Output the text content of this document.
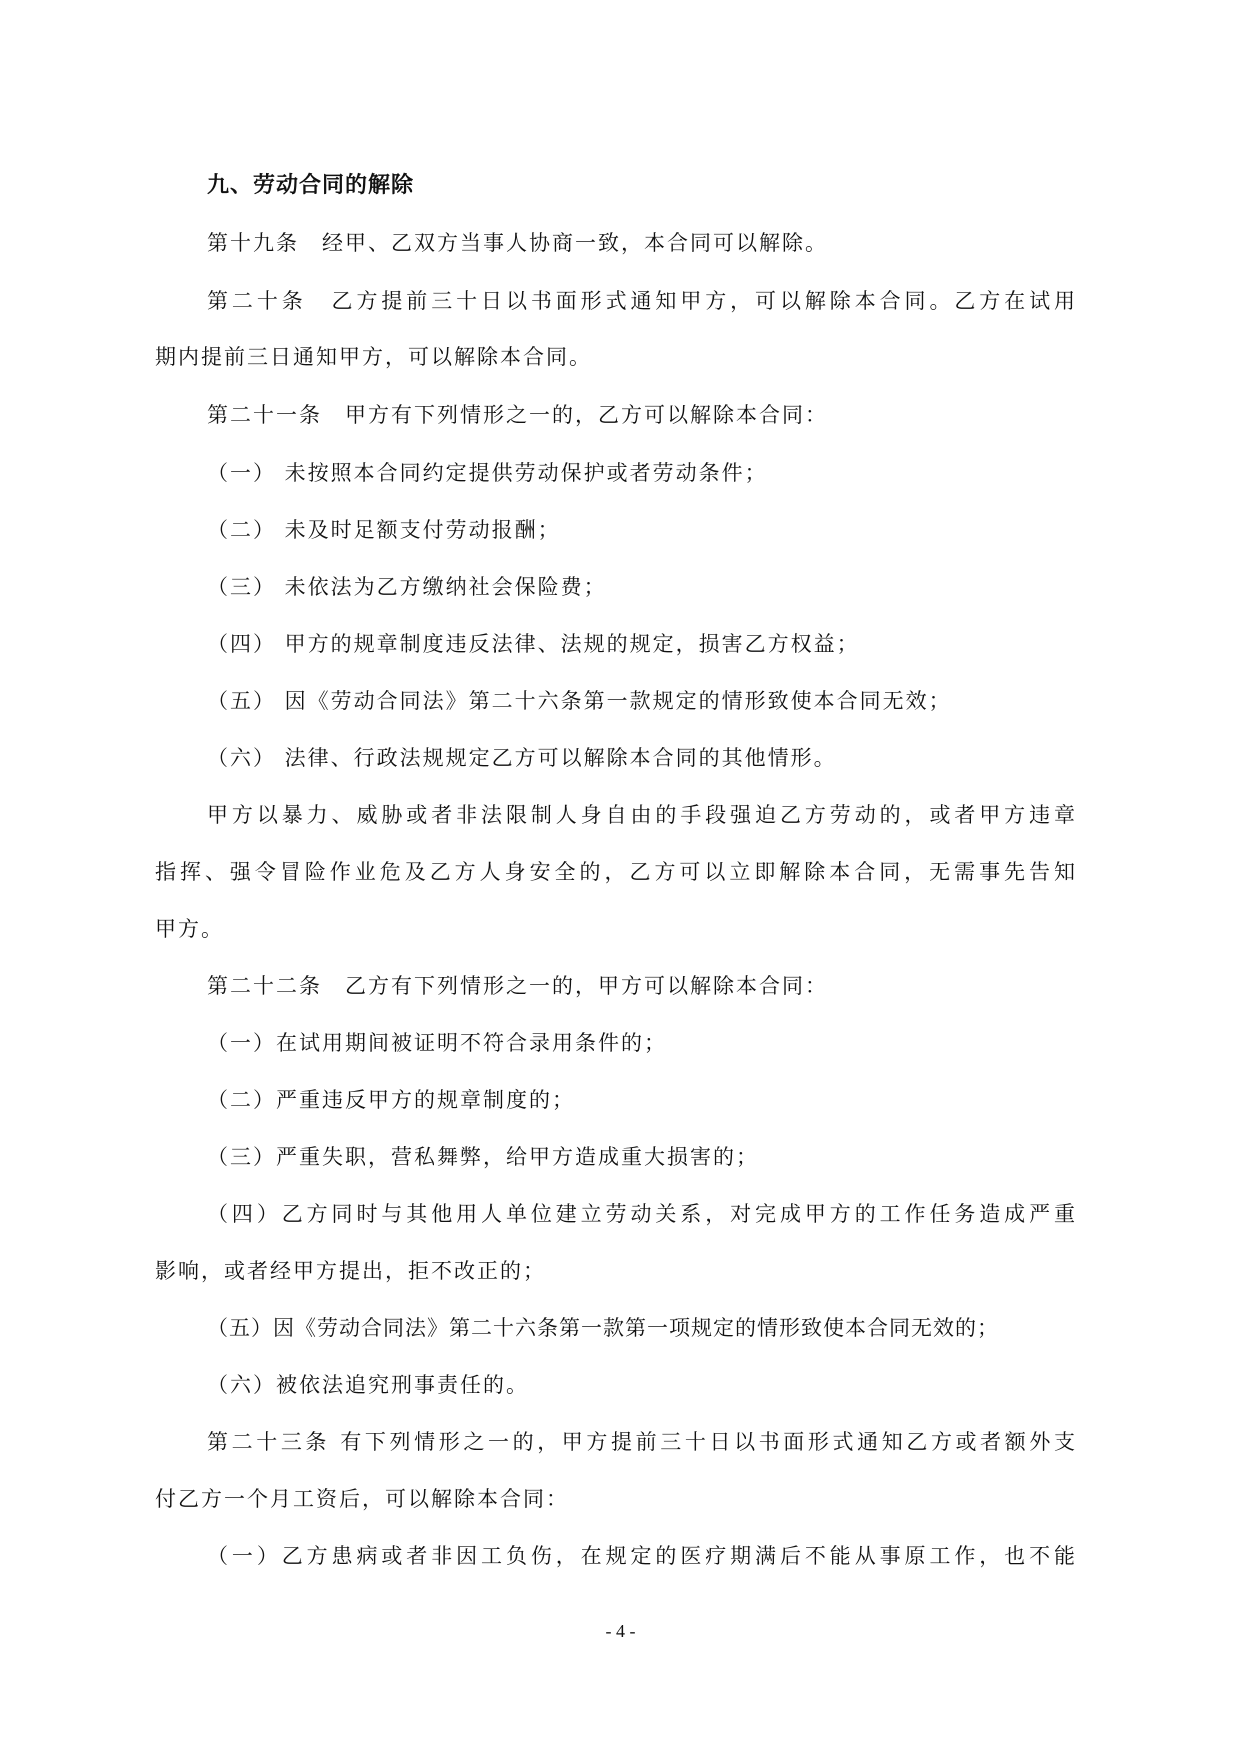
九、劳动合同的解除
第十九条　经甲、乙双方当事人协商一致，本合同可以解除。
第二十条　乙方提前三十日以书面形式通知甲方，可以解除本合同。乙方在试用
期内提前三日通知甲方，可以解除本合同。
第二十一条　甲方有下列情形之一的，乙方可以解除本合同：
（一） 未按照本合同约定提供劳动保护或者劳动条件；
（二） 未及时足额支付劳动报酬；
（三） 未依法为乙方缴纳社会保险费；
（四） 甲方的规章制度违反法律、法规的规定，损害乙方权益；
（五） 因《劳动合同法》第二十六条第一款规定的情形致使本合同无效；
（六） 法律、行政法规规定乙方可以解除本合同的其他情形。
甲方以暴力、威胁或者非法限制人身自由的手段强迫乙方劳动的，或者甲方违章
指挥、强令冒险作业危及乙方人身安全的，乙方可以立即解除本合同，无需事先告知
甲方。
第二十二条　乙方有下列情形之一的，甲方可以解除本合同：
（一）在试用期间被证明不符合录用条件的；
（二）严重违反甲方的规章制度的；
（三）严重失职，营私舞弊，给甲方造成重大损害的；
（四）乙方同时与其他用人单位建立劳动关系，对完成甲方的工作任务造成严重
影响，或者经甲方提出，拒不改正的；
（五）因《劳动合同法》第二十六条第一款第一项规定的情形致使本合同无效的；
（六）被依法追究刑事责任的。
第二十三条 有下列情形之一的，甲方提前三十日以书面形式通知乙方或者额外支
付乙方一个月工资后，可以解除本合同：
（一）乙方患病或者非因工负伤，在规定的医疗期满后不能从事原工作，也不能
- 4 -
